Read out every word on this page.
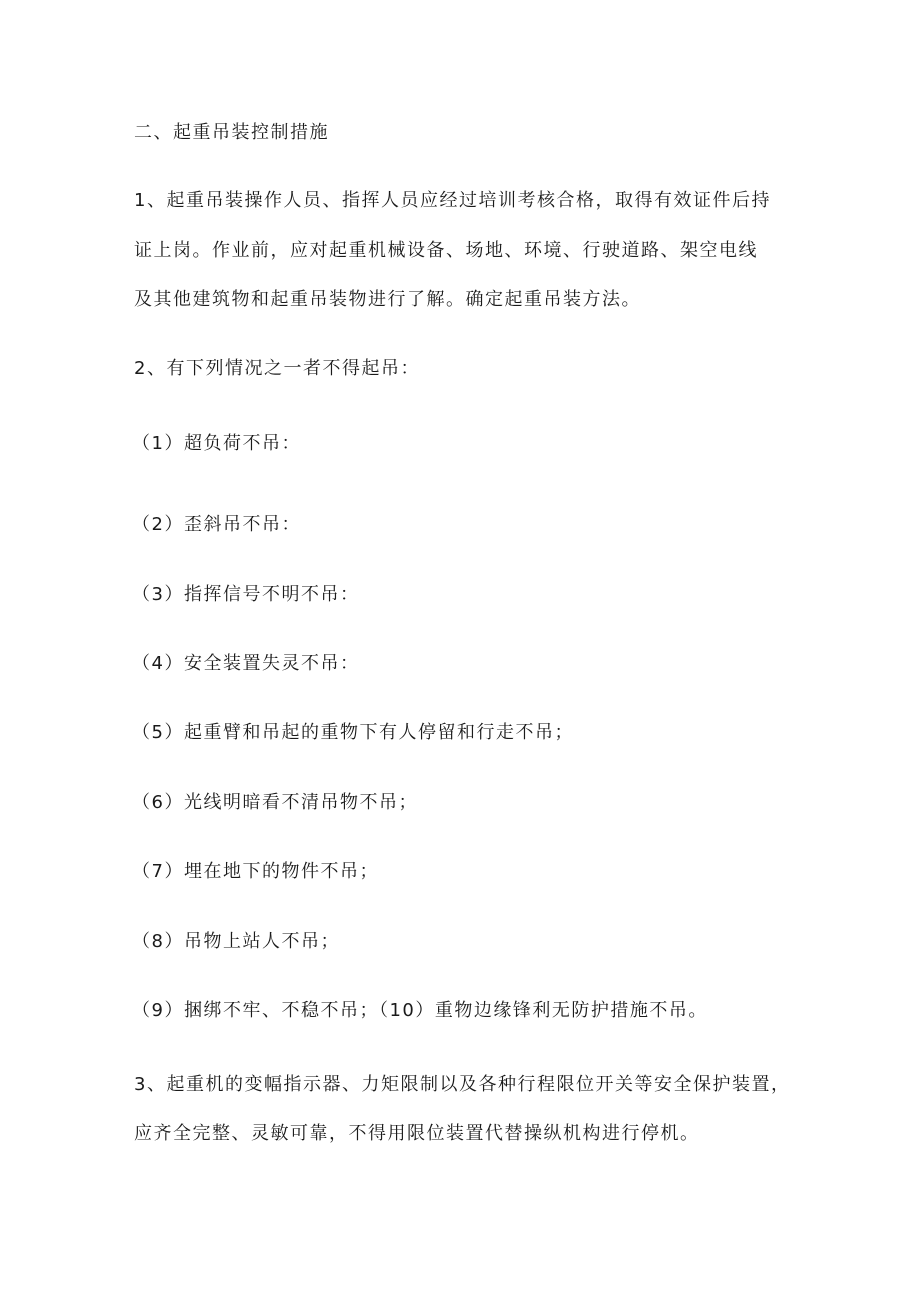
二、起重吊装控制措施
1、起重吊装操作人员、指挥人员应经过培训考核合格，取得有效证件后持
证上岗。作业前，应对起重机械设备、场地、环境、行驶道路、架空电线
及其他建筑物和起重吊装物进行了解。确定起重吊装方法。
2、有下列情况之一者不得起吊：
（1）超负荷不吊：
（2）歪斜吊不吊：
（3）指挥信号不明不吊：
（4）安全装置失灵不吊：
（5）起重臂和吊起的重物下有人停留和行走不吊；
（6）光线明暗看不清吊物不吊；
（7）埋在地下的物件不吊；
（8）吊物上站人不吊；
（9）捆绑不牢、不稳不吊；（10）重物边缘锋利无防护措施不吊。
3、起重机的变幅指示器、力矩限制以及各种行程限位开关等安全保护装置，
应齐全完整、灵敏可靠，不得用限位装置代替操纵机构进行停机。
